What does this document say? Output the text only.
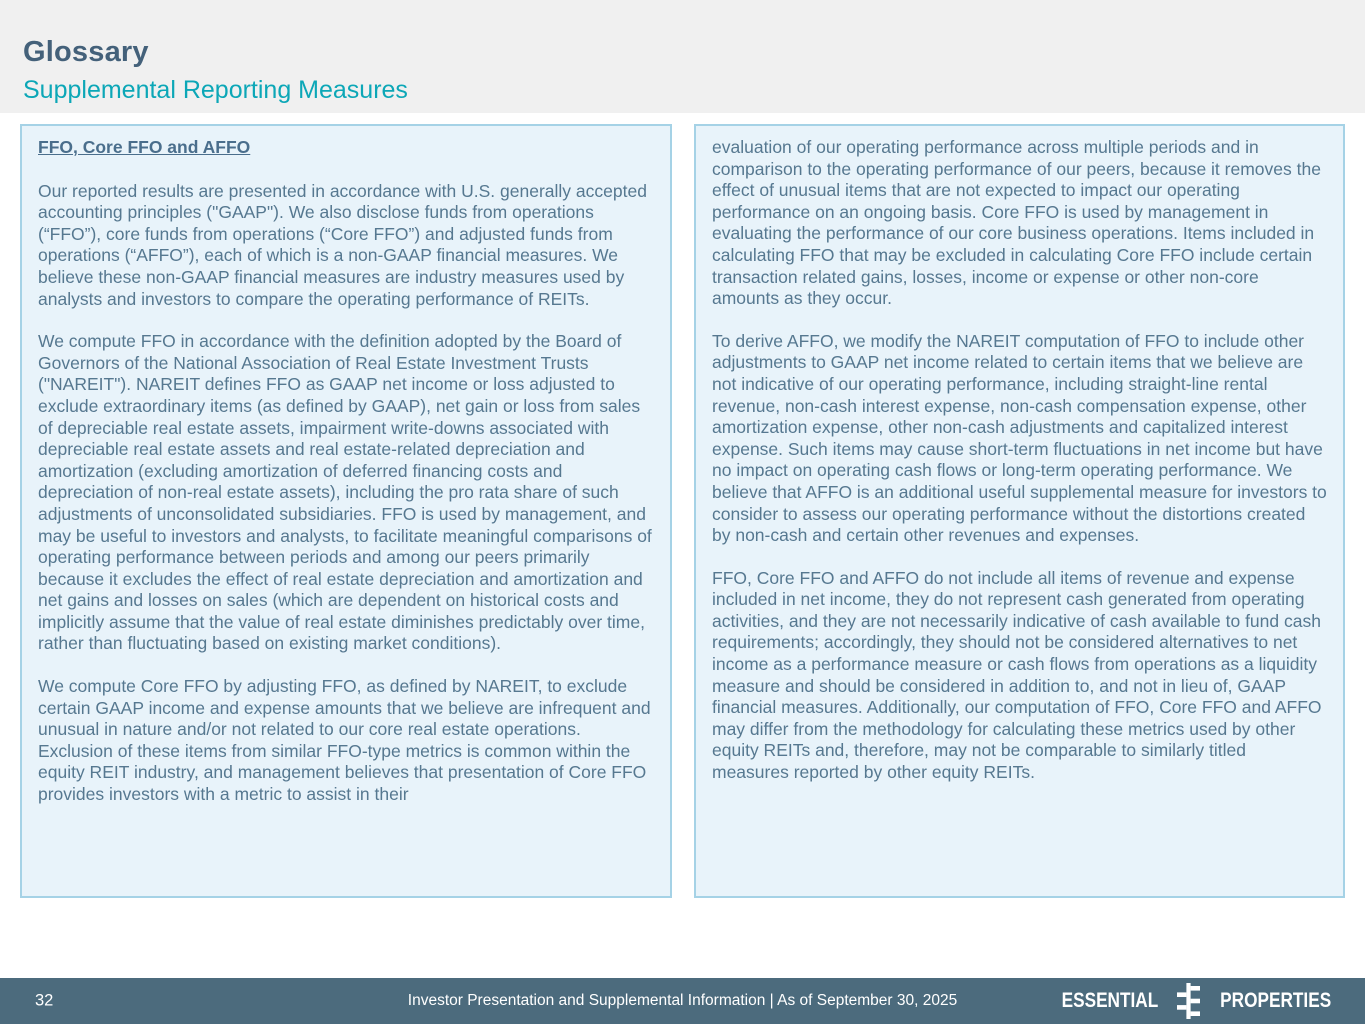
Glossary
Supplemental Reporting Measures
FFO, Core FFO and AFFO

Our reported results are presented in accordance with U.S. generally accepted accounting principles ("GAAP"). We also disclose funds from operations (“FFO”), core funds from operations (“Core FFO”) and adjusted funds from operations (“AFFO”), each of which is a non-GAAP financial measures. We believe these non-GAAP financial measures are industry measures used by analysts and investors to compare the operating performance of REITs.

We compute FFO in accordance with the definition adopted by the Board of Governors of the National Association of Real Estate Investment Trusts ("NAREIT"). NAREIT defines FFO as GAAP net income or loss adjusted to exclude extraordinary items (as defined by GAAP), net gain or loss from sales of depreciable real estate assets, impairment write-downs associated with depreciable real estate assets and real estate-related depreciation and amortization (excluding amortization of deferred financing costs and depreciation of non-real estate assets), including the pro rata share of such adjustments of unconsolidated subsidiaries. FFO is used by management, and may be useful to investors and analysts, to facilitate meaningful comparisons of operating performance between periods and among our peers primarily because it excludes the effect of real estate depreciation and amortization and net gains and losses on sales (which are dependent on historical costs and implicitly assume that the value of real estate diminishes predictably over time, rather than fluctuating based on existing market conditions).

We compute Core FFO by adjusting FFO, as defined by NAREIT, to exclude certain GAAP income and expense amounts that we believe are infrequent and unusual in nature and/or not related to our core real estate operations. Exclusion of these items from similar FFO-type metrics is common within the equity REIT industry, and management believes that presentation of Core FFO provides investors with a metric to assist in their

evaluation of our operating performance across multiple periods and in comparison to the operating performance of our peers, because it removes the effect of unusual items that are not expected to impact our operating performance on an ongoing basis. Core FFO is used by management in evaluating the performance of our core business operations. Items included in calculating FFO that may be excluded in calculating Core FFO include certain transaction related gains, losses, income or expense or other non-core amounts as they occur.

To derive AFFO, we modify the NAREIT computation of FFO to include other adjustments to GAAP net income related to certain items that we believe are not indicative of our operating performance, including straight-line rental revenue, non-cash interest expense, non-cash compensation expense, other amortization expense, other non-cash adjustments and capitalized interest expense. Such items may cause short-term fluctuations in net income but have no impact on operating cash flows or long-term operating performance. We believe that AFFO is an additional useful supplemental measure for investors to consider to assess our operating performance without the distortions created by non-cash and certain other revenues and expenses.

FFO, Core FFO and AFFO do not include all items of revenue and expense included in net income, they do not represent cash generated from operating activities, and they are not necessarily indicative of cash available to fund cash requirements; accordingly, they should not be considered alternatives to net income as a performance measure or cash flows from operations as a liquidity measure and should be considered in addition to, and not in lieu of, GAAP financial measures. Additionally, our computation of FFO, Core FFO and AFFO may differ from the methodology for calculating these metrics used by other equity REITs and, therefore, may not be comparable to similarly titled measures reported by other equity REITs.

32	Investor Presentation and Supplemental Information | As of September 30, 2025	ESSENTIAL	PROPERTIES
